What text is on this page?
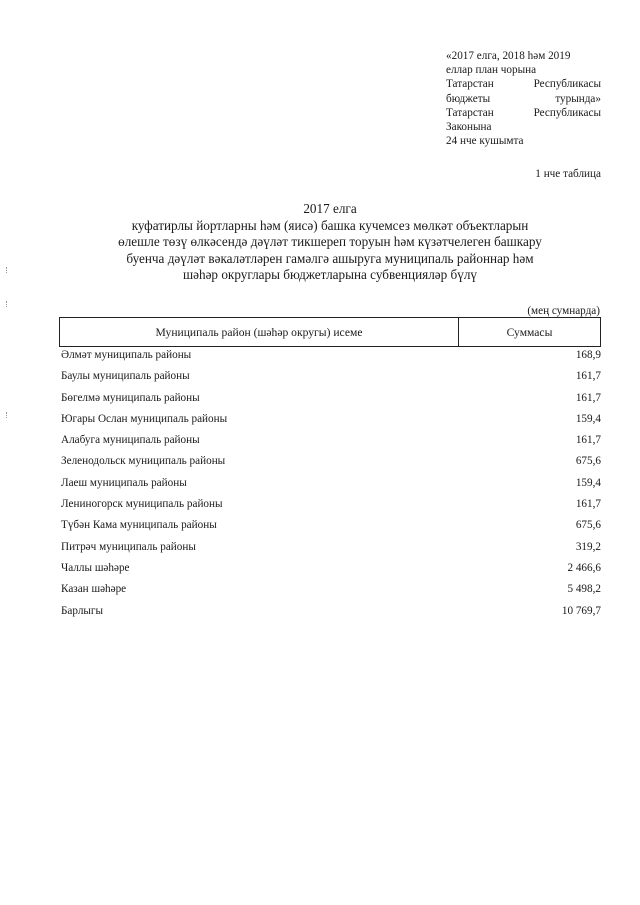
«2017 елга, 2018 һәм 2019
еллар план чорына
Татарстан	Республикасы
бюджеты	турында»
Татарстан	Республикасы
Законына
24 нче кушымта
1 нче таблица
2017 елга
куфатирлы йортларны һәм (яисә) башка кучемсез мөлкәт объектларын
өлешле төзү өлкәсендә дәүләт тикшереп торуын һәм күзәтчелеген башкару
буенча дәүләт вәкаләтләрен гамәлгә ашыруга муниципаль районнар һәм
шәһәр округлары бюджетларына субвенцияләр бүлү
(мең сумнарда)
Муниципаль район (шәһәр округы) исеме	Суммасы
Әлмәт муниципаль районы	168,9
Баулы муниципаль районы	161,7
Бөгелмә муниципаль районы	161,7
Югары Ослан муниципаль районы	159,4
Алабуга муниципаль районы	161,7
Зеленодольск муниципаль районы	675,6
Лаеш муниципаль районы	159,4
Лениногорск муниципаль районы	161,7
Түбән Кама муниципаль районы	675,6
Питрәч муниципаль районы	319,2
Чаллы шәһәре	2 466,6
Казан шәһәре	5 498,2
Барлыгы	10 769,7
